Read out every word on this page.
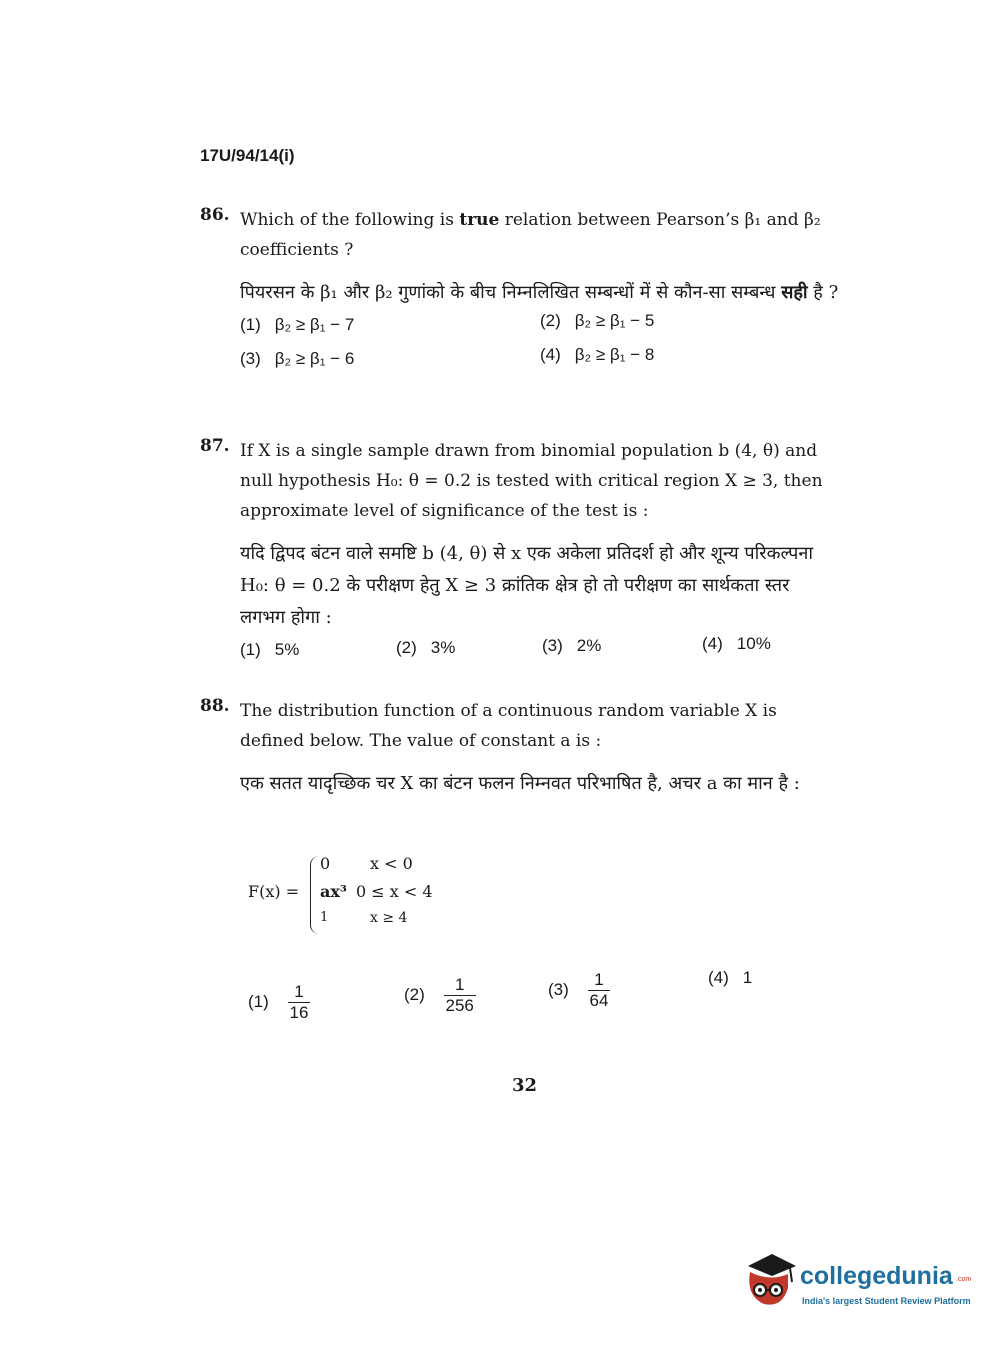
17U/94/14(i)
86. Which of the following is true relation between Pearson’s β₁ and β₂ coefficients ?

पियरसन के β₁ और β₂ गुणांको के बीच निम्नलिखित सम्बन्धों में से कौन-सा सम्बन्ध सही है ?

(1) β₂ ≥ β₁ − 7	(2) β₂ ≥ β₁ − 5
(3) β₂ ≥ β₁ − 6	(4) β₂ ≥ β₁ − 8
87. If X is a single sample drawn from binomial population b (4, θ) and null hypothesis H₀: θ = 0.2 is tested with critical region X ≥ 3, then approximate level of significance of the test is :

यदि द्विपद बंटन वाले समष्टि b (4, θ) से x एक अकेला प्रतिदर्श हो और शून्य परिकल्पना H₀: θ = 0.2 के परीक्षण हेतु X ≥ 3 क्रांतिक क्षेत्र हो तो परीक्षण का सार्थकता स्तर लगभग होगा :

(1) 5%	(2) 3%	(3) 2%	(4) 10%
88. The distribution function of a continuous random variable X is defined below. The value of constant a is :

एक सतत यादृच्छिक चर X का बंटन फलन निम्नवत परिभाषित है, अचर a का मान है :

F(x) =
0 x < 0
ax³ 0 ≤ x < 4
1	x ≥ 4
$(1) \frac{1}{16}$	$(2) \frac{1}{256}$	$(3) \frac{1}{64}$	(4) 1
32
collegedunia .com
India's largest Student Review Platform
